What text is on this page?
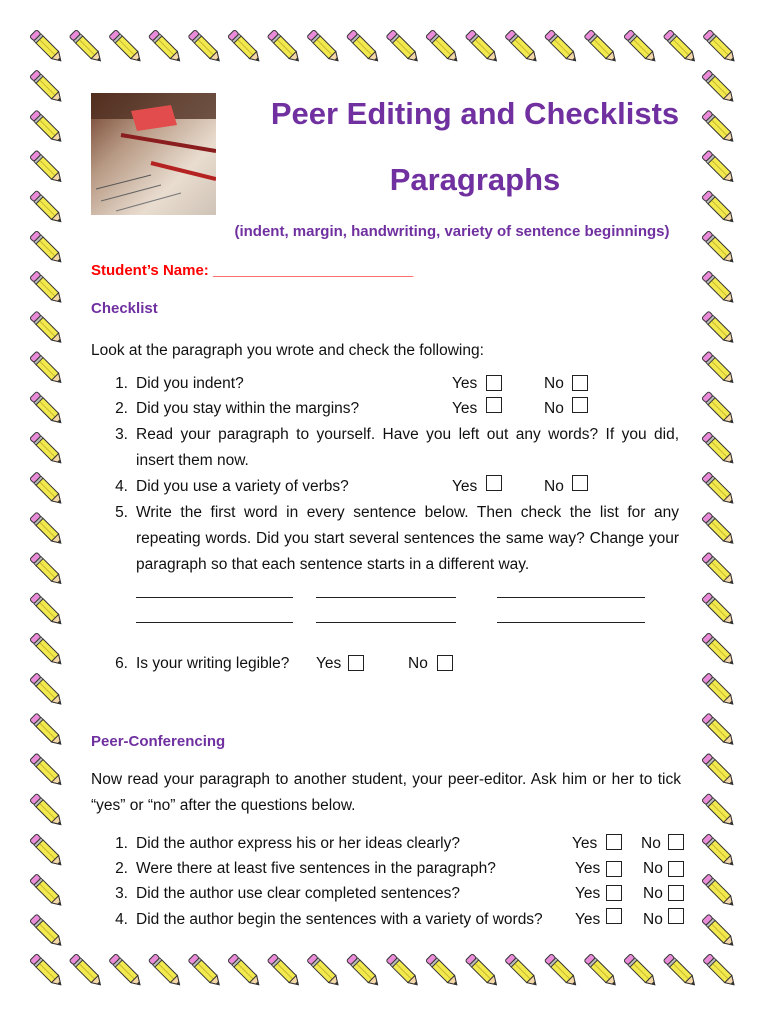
Peer Editing and Checklists
Paragraphs
(indent, margin, handwriting, variety of sentence beginnings)
Student’s Name: ________________________
Checklist
Look at the paragraph you wrote and check the following:
1. Did you indent?	Yes	No
2. Did you stay within the margins?	Yes	No
3. Read your paragraph to yourself. Have you left out any words? If you did, insert them now.
4. Did you use a variety of verbs?	Yes	No
5. Write the first word in every sentence below. Then check the list for any repeating words. Did you start several sentences the same way? Change your paragraph so that each sentence starts in a different way.
6. Is your writing legible? Yes	No
Peer-Conferencing
Now read your paragraph to another student, your peer-editor. Ask him or her to tick “yes” or “no” after the questions below.
1. Did the author express his or her ideas clearly?	Yes	No
2. Were there at least five sentences in the paragraph?	Yes	No
3. Did the author use clear completed sentences?	Yes	No
4. Did the author begin the sentences with a variety of words? Yes	No
